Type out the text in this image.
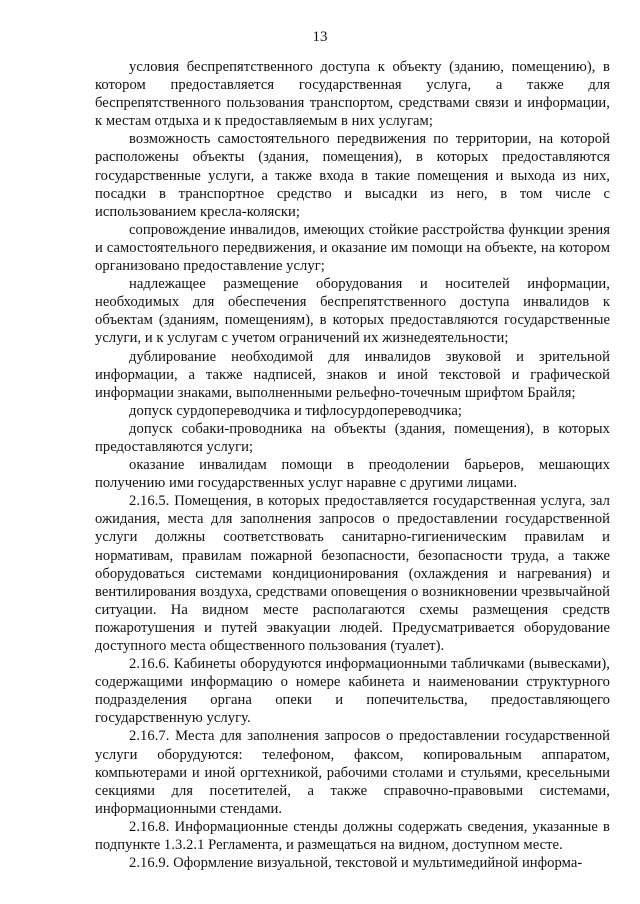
13

условия беспрепятственного доступа к объекту (зданию, помещению), в котором предоставляется государственная услуга, а также для беспрепятственного пользования транспортом, средствами связи и информации, к местам отдыха и к предоставляемым в них услугам;

возможность самостоятельного передвижения по территории, на которой расположены объекты (здания, помещения), в которых предоставляются государственные услуги, а также входа в такие помещения и выхода из них, посадки в транспортное средство и высадки из него, в том числе с использованием кресла-коляски;

сопровождение инвалидов, имеющих стойкие расстройства функции зрения и самостоятельного передвижения, и оказание им помощи на объекте, на котором организовано предоставление услуг;

надлежащее размещение оборудования и носителей информации, необходимых для обеспечения беспрепятственного доступа инвалидов к объектам (зданиям, помещениям), в которых предоставляются государственные услуги, и к услугам с учетом ограничений их жизнедеятельности;

дублирование необходимой для инвалидов звуковой и зрительной информации, а также надписей, знаков и иной текстовой и графической информации знаками, выполненными рельефно-точечным шрифтом Брайля;

допуск сурдопереводчика и тифлосурдопереводчика;

допуск собаки-проводника на объекты (здания, помещения), в которых предоставляются услуги;

оказание инвалидам помощи в преодолении барьеров, мешающих получению ими государственных услуг наравне с другими лицами.

2.16.5. Помещения, в которых предоставляется государственная услуга, зал ожидания, места для заполнения запросов о предоставлении государственной услуги должны соответствовать санитарно-гигиеническим правилам и нормативам, правилам пожарной безопасности, безопасности труда, а также оборудоваться системами кондиционирования (охлаждения и нагревания) и вентилирования воздуха, средствами оповещения о возникновении чрезвычайной ситуации. На видном месте располагаются схемы размещения средств пожаротушения и путей эвакуации людей. Предусматривается оборудование доступного места общественного пользования (туалет).

2.16.6. Кабинеты оборудуются информационными табличками (вывесками), содержащими информацию о номере кабинета и наименовании структурного подразделения органа опеки и попечительства, предоставляющего государственную услугу.

2.16.7. Места для заполнения запросов о предоставлении государственной услуги оборудуются: телефоном, факсом, копировальным аппаратом, компьютерами и иной оргтехникой, рабочими столами и стульями, кресельными секциями для посетителей, а также справочно-правовыми системами, информационными стендами.

2.16.8. Информационные стенды должны содержать сведения, указанные в подпункте 1.3.2.1 Регламента, и размещаться на видном, доступном месте.

2.16.9. Оформление визуальной, текстовой и мультимедийной информа-
